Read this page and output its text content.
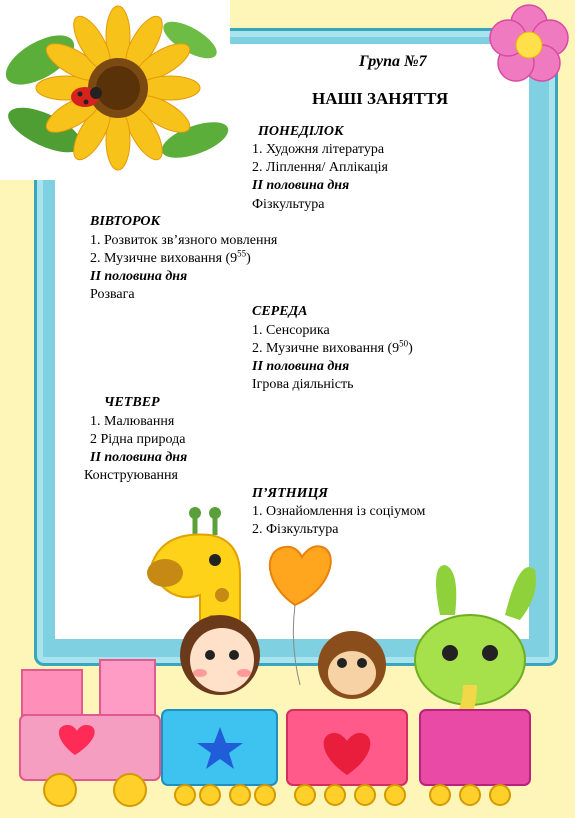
Група №7
НАШІ ЗАНЯТТЯ
ПОНЕДІЛОК
1. Художня література
2. Ліплення/ Аплікація
ІІ половина дня
Фізкультура
ВІВТОРОК
1. Розвиток зв’язного мовлення
2. Музичне виховання $(9^{55})$
ІІ половина дня
Розвага
СЕРЕДА
1. Сенсорика
2. Музичне виховання $(9^{50})$
ІІ половина дня
Ігрова діяльність
ЧЕТВЕР
1. Малювання
2 Рідна природа
ІІ половина дня
Конструювання
П’ЯТНИЦЯ
1. Ознайомлення із соціумом
2. Фізкультура
